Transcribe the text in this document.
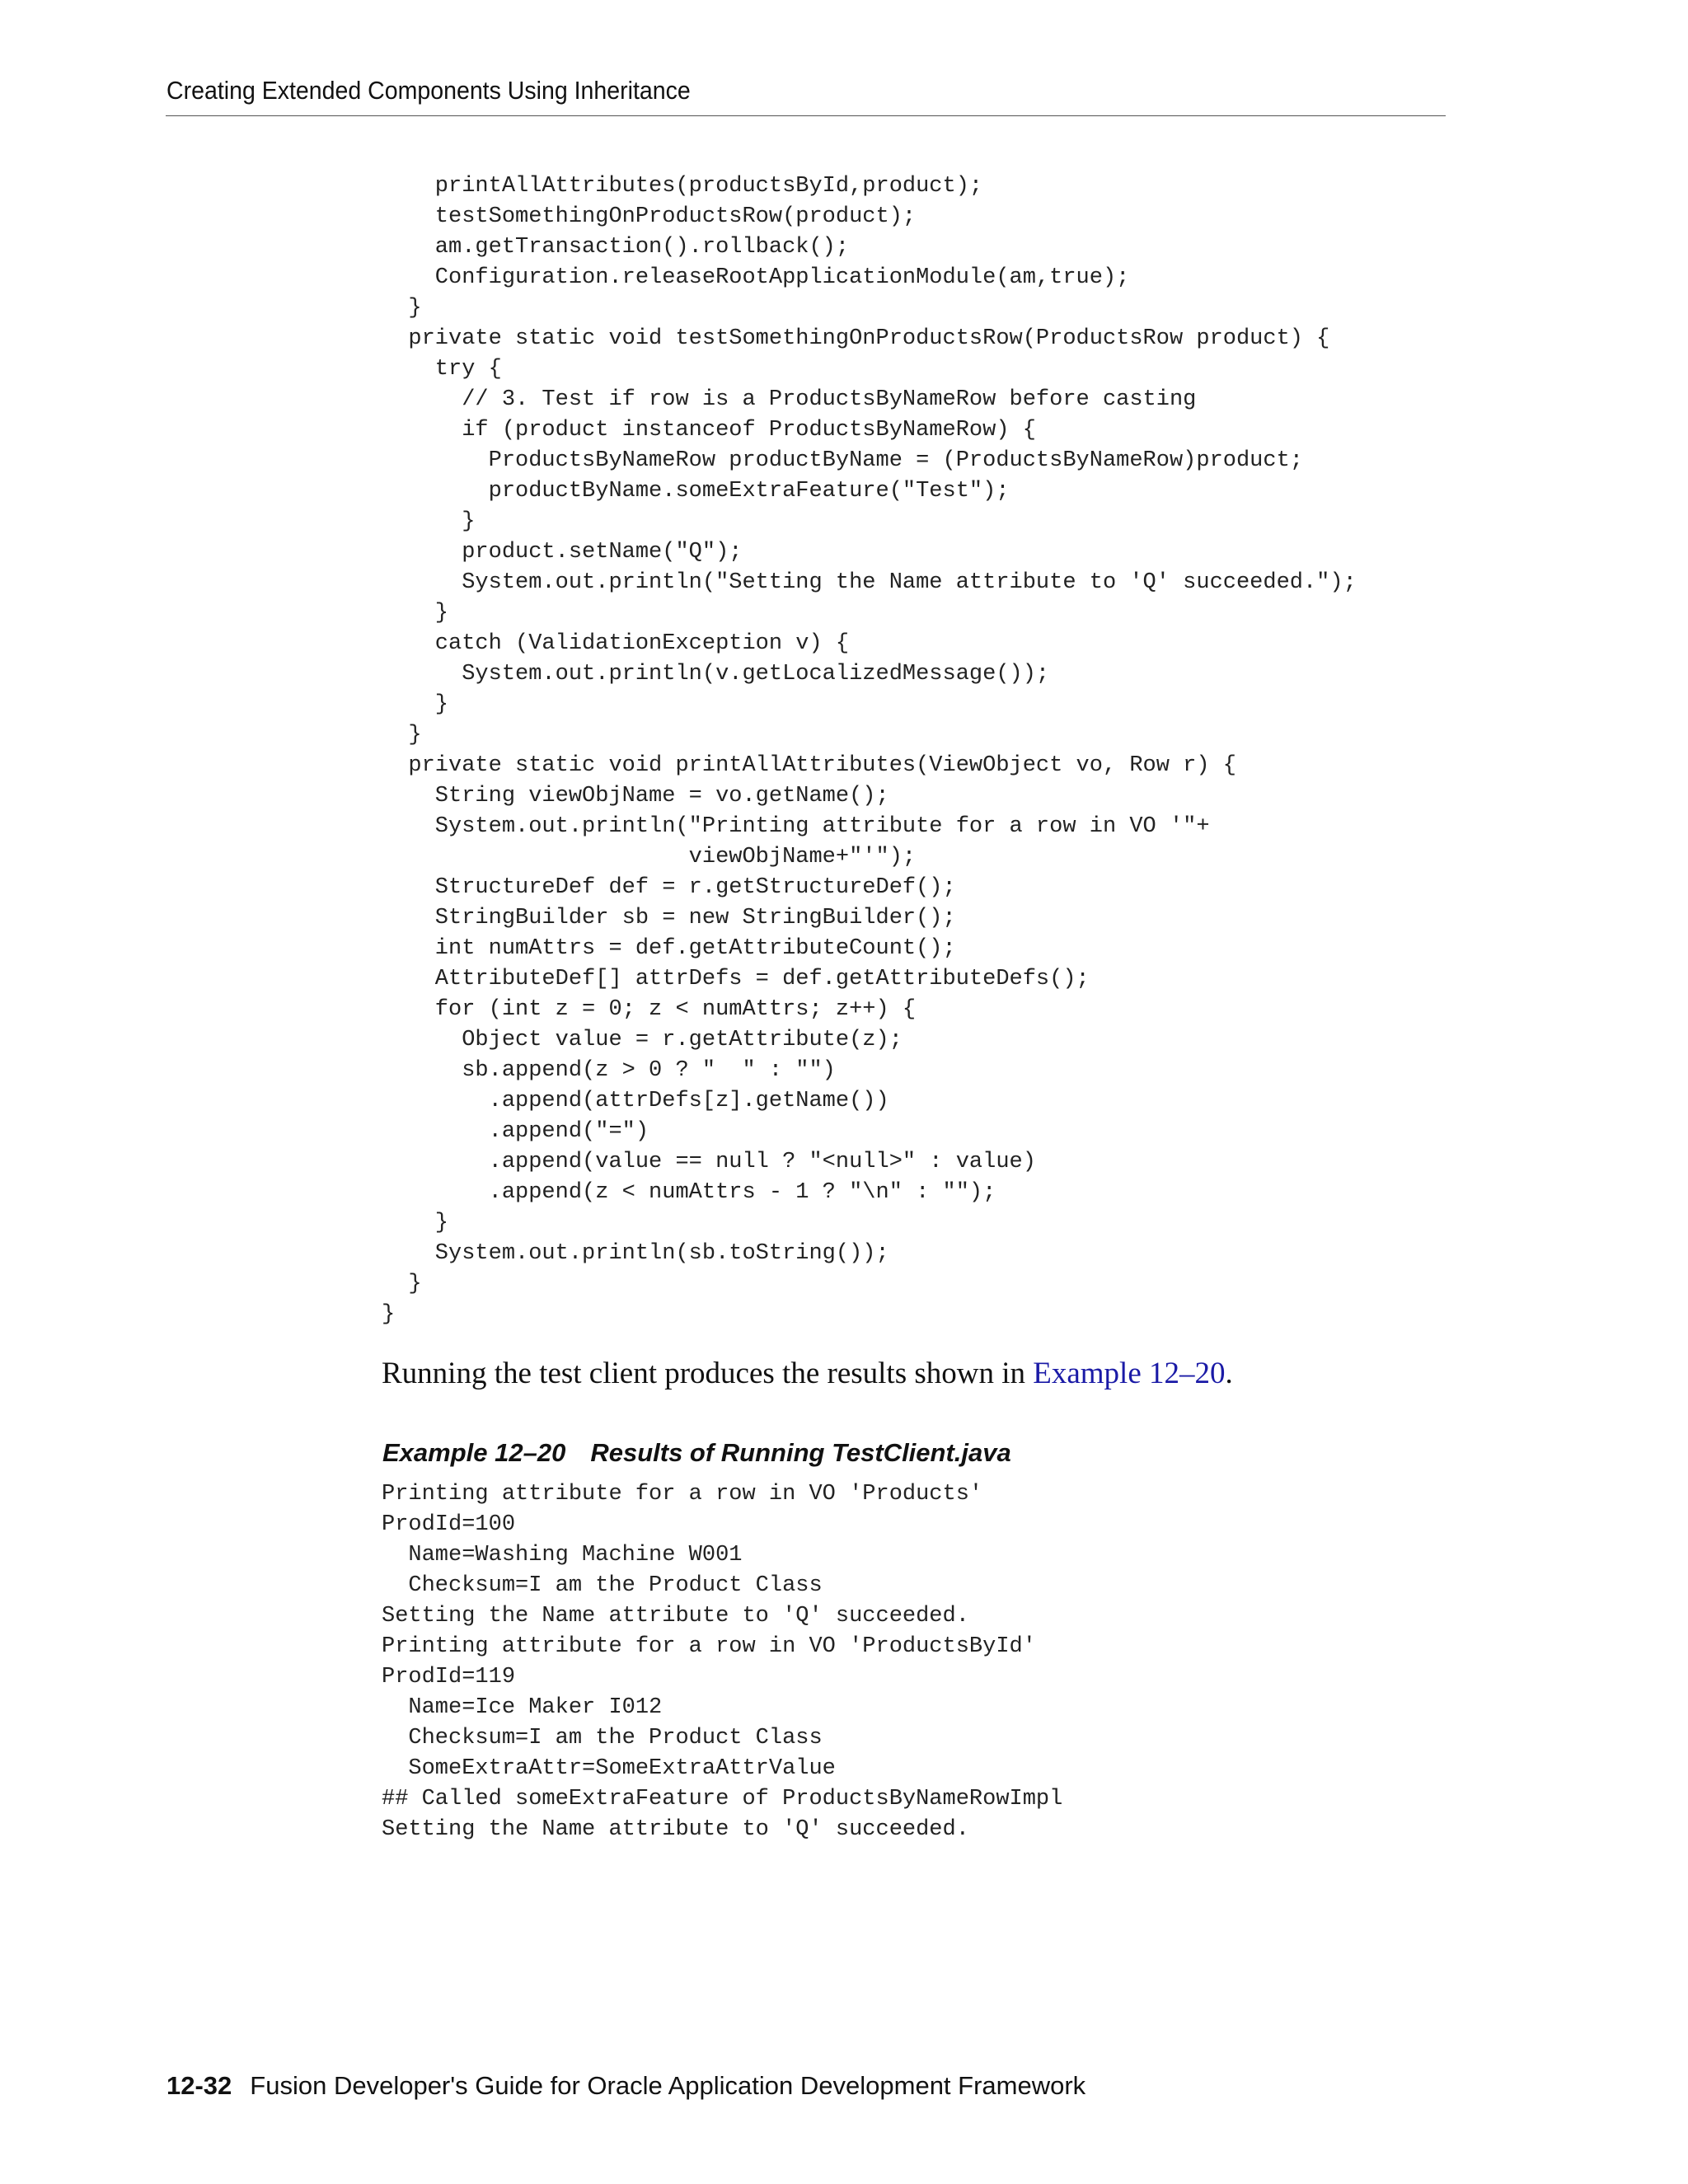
Creating Extended Components Using Inheritance
printAllAttributes(productsById,product);
testSomethingOnProductsRow(product);
am.getTransaction().rollback();
Configuration.releaseRootApplicationModule(am,true);
}
private static void testSomethingOnProductsRow(ProductsRow product) {
try {
// 3. Test if row is a ProductsByNameRow before casting
if (product instanceof ProductsByNameRow) {
ProductsByNameRow productByName = (ProductsByNameRow)product;
productByName.someExtraFeature("Test");
}
product.setName("Q");
System.out.println("Setting the Name attribute to 'Q' succeeded.");
}
catch (ValidationException v) {
System.out.println(v.getLocalizedMessage());
}
}
private static void printAllAttributes(ViewObject vo, Row r) {
String viewObjName = vo.getName();
System.out.println("Printing attribute for a row in VO '"+
viewObjName+"'");
StructureDef def = r.getStructureDef();
StringBuilder sb = new StringBuilder();
int numAttrs = def.getAttributeCount();
AttributeDef[] attrDefs = def.getAttributeDefs();
for (int z = 0; z < numAttrs; z++) {
Object value = r.getAttribute(z);
sb.append(z > 0 ? "  " : "")
.append(attrDefs[z].getName())
.append("=")
.append(value == null ? "<null>" : value)
.append(z < numAttrs - 1 ? "\n" : "");
}
System.out.println(sb.toString());
}
}
Running the test client produces the results shown in Example 12–20.
Example 12–20 Results of Running TestClient.java
Printing attribute for a row in VO 'Products'
ProdId=100
Name=Washing Machine W001
Checksum=I am the Product Class
Setting the Name attribute to 'Q' succeeded.
Printing attribute for a row in VO 'ProductsById'
ProdId=119
Name=Ice Maker I012
Checksum=I am the Product Class
SomeExtraAttr=SomeExtraAttrValue
## Called someExtraFeature of ProductsByNameRowImpl
Setting the Name attribute to 'Q' succeeded.
12-32 Fusion Developer's Guide for Oracle Application Development Framework
